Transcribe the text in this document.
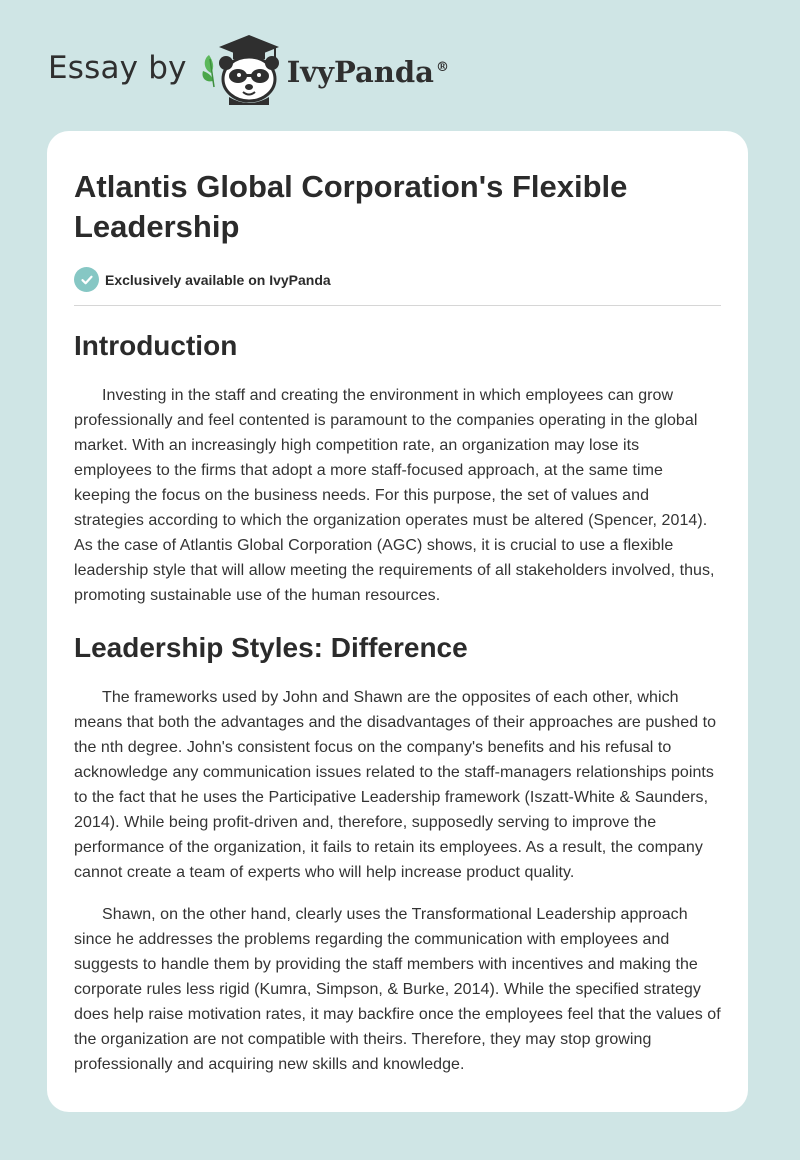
Essay by	IvyPanda ®
Atlantis Global Corporation's Flexible Leadership
Exclusively available on IvyPanda
Introduction

Investing in the staff and creating the environment in which employees can grow professionally and feel contented is paramount to the companies operating in the global market. With an increasingly high competition rate, an organization may lose its employees to the firms that adopt a more staff-focused approach, at the same time keeping the focus on the business needs. For this purpose, the set of values and strategies according to which the organization operates must be altered (Spencer, 2014). As the case of Atlantis Global Corporation (AGC) shows, it is crucial to use a flexible leadership style that will allow meeting the requirements of all stakeholders involved, thus, promoting sustainable use of the human resources.

Leadership Styles: Difference

The frameworks used by John and Shawn are the opposites of each other, which means that both the advantages and the disadvantages of their approaches are pushed to the nth degree. John's consistent focus on the company's benefits and his refusal to acknowledge any communication issues related to the staff-managers relationships points to the fact that he uses the Participative Leadership framework (Iszatt-White & Saunders, 2014). While being profit-driven and, therefore, supposedly serving to improve the performance of the organization, it fails to retain its employees. As a result, the company cannot create a team of experts who will help increase product quality.

Shawn, on the other hand, clearly uses the Transformational Leadership approach since he addresses the problems regarding the communication with employees and suggests to handle them by providing the staff members with incentives and making the corporate rules less rigid (Kumra, Simpson, & Burke, 2014). While the specified strategy does help raise motivation rates, it may backfire once the employees feel that the values of the organization are not compatible with theirs. Therefore, they may stop growing professionally and acquiring new skills and knowledge.
